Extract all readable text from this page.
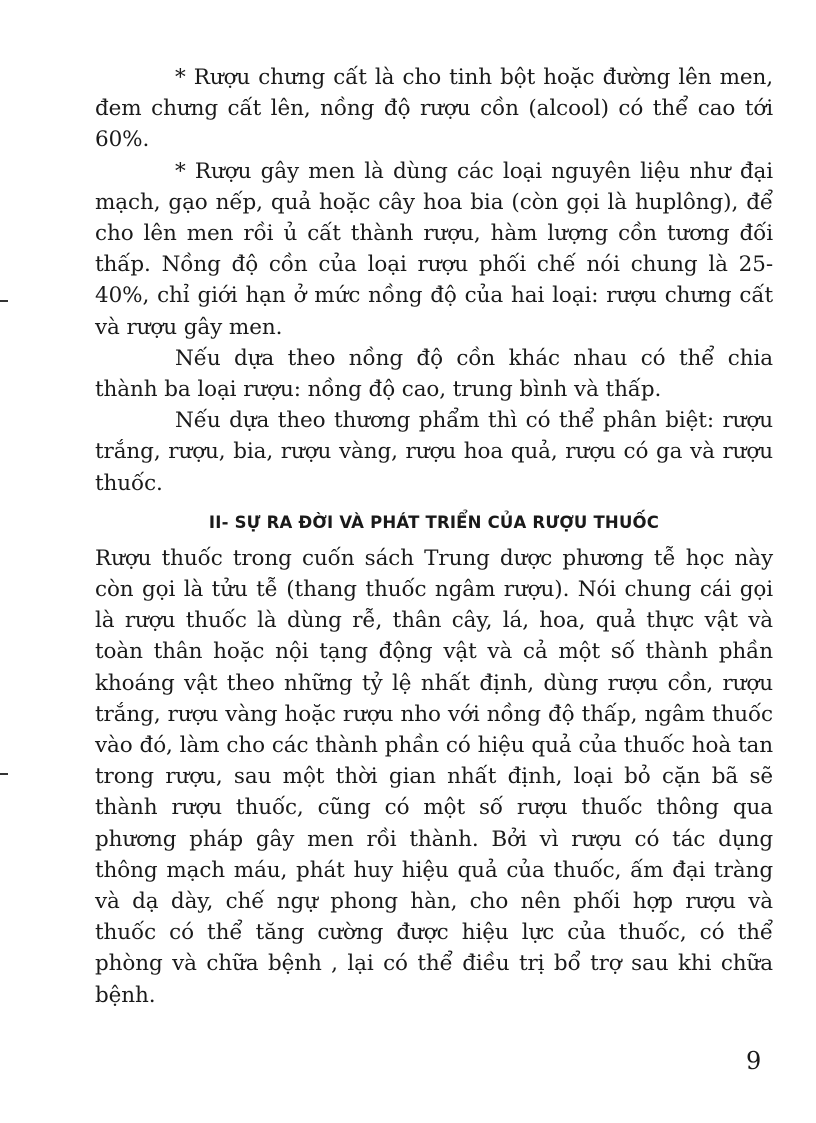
* Rượu chưng cất là cho tinh bột hoặc đường lên men, đem chưng cất lên, nồng độ rượu cồn (alcool) có thể cao tới 60%.

* Rượu gây men là dùng các loại nguyên liệu như đại mạch, gạo nếp, quả hoặc cây hoa bia (còn gọi là huplông), để cho lên men rồi ủ cất thành rượu, hàm lượng cồn tương đối thấp. Nồng độ cồn của loại rượu phối chế nói chung là 25-40%, chỉ giới hạn ở mức nồng độ của hai loại: rượu chưng cất và rượu gây men.

Nếu dựa theo nồng độ cồn khác nhau có thể chia thành ba loại rượu: nồng độ cao, trung bình và thấp.

Nếu dựa theo thương phẩm thì có thể phân biệt: rượu trắng, rượu, bia, rượu vàng, rượu hoa quả, rượu có ga và rượu thuốc.

II- SỰ RA ĐỜI VÀ PHÁT TRIỂN CỦA RƯỢU THUỐC

Rượu thuốc trong cuốn sách Trung dược phương tễ học này còn gọi là tửu tễ (thang thuốc ngâm rượu). Nói chung cái gọi là rượu thuốc là dùng rễ, thân cây, lá, hoa, quả thực vật và toàn thân hoặc nội tạng động vật và cả một số thành phần khoáng vật theo những tỷ lệ nhất định, dùng rượu cồn, rượu trắng, rượu vàng hoặc rượu nho với nồng độ thấp, ngâm thuốc vào đó, làm cho các thành phần có hiệu quả của thuốc hoà tan trong rượu, sau một thời gian nhất định, loại bỏ cặn bã sẽ thành rượu thuốc, cũng có một số rượu thuốc thông qua phương pháp gây men rồi thành. Bởi vì rượu có tác dụng thông mạch máu, phát huy hiệu quả của thuốc, ấm đại tràng và dạ dày, chế ngự phong hàn, cho nên phối hợp rượu và thuốc có thể tăng cường được hiệu lực của thuốc, có thể phòng và chữa bệnh , lại có thể điều trị bổ trợ sau khi chữa bệnh.

9
